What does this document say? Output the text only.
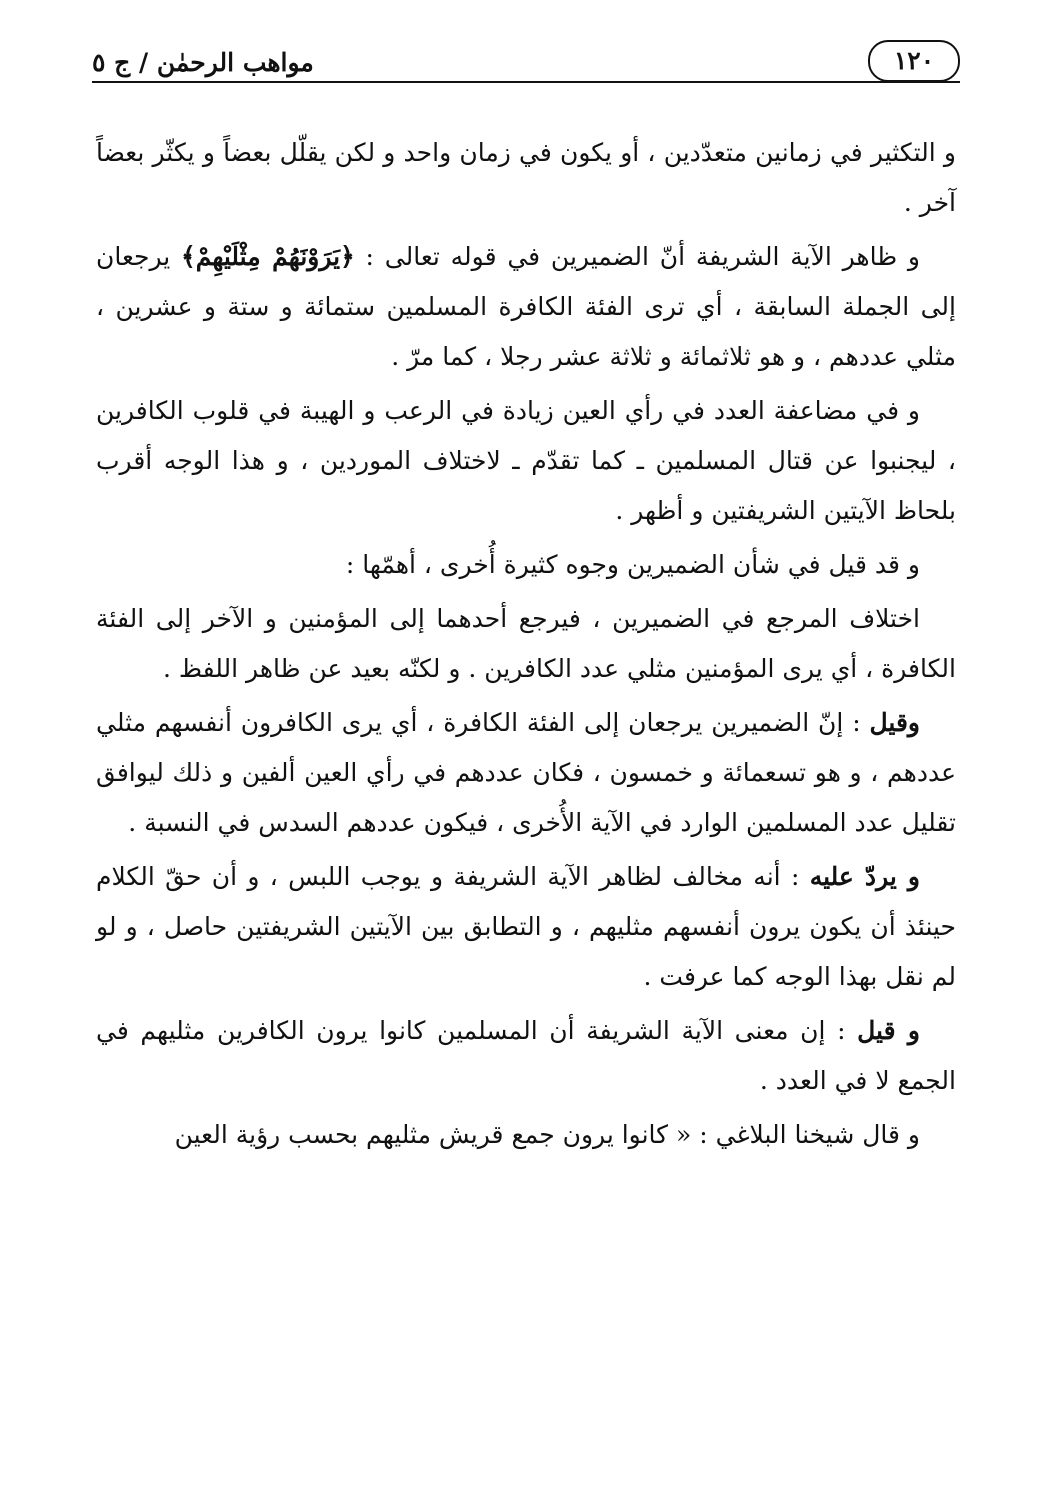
١٢٠
مواهب الرحمٰن / ج ٥

و التكثير في زمانين متعدّدين ، أو يكون في زمان واحد و لكن يقلّل بعضاً و يكثّر بعضاً آخر .

و ظاهر الآية الشريفة أنّ الضميرين في قوله تعالى : ﴿يَرَوْنَهُمْ مِثْلَيْهِمْ﴾ يرجعان إلى الجملة السابقة ، أي ترى الفئة الكافرة المسلمين ستمائة و ستة و عشرين ، مثلي عددهم ، و هو ثلاثمائة و ثلاثة عشر رجلا ، كما مرّ .

و في مضاعفة العدد في رأي العين زيادة في الرعب و الهيبة في قلوب الكافرين ، ليجنبوا عن قتال المسلمين ـ كما تقدّم ـ لاختلاف الموردين ، و هذا الوجه أقرب بلحاظ الآيتين الشريفتين و أظهر .

و قد قيل في شأن الضميرين وجوه كثيرة أُخرى ، أهمّها :

اختلاف المرجع في الضميرين ، فيرجع أحدهما إلى المؤمنين و الآخر إلى الفئة الكافرة ، أي يرى المؤمنين مثلي عدد الكافرين . و لكنّه بعيد عن ظاهر اللفظ .

وقيل : إنّ الضميرين يرجعان إلى الفئة الكافرة ، أي يرى الكافرون أنفسهم مثلي عددهم ، و هو تسعمائة و خمسون ، فكان عددهم في رأي العين ألفين و ذلك ليوافق تقليل عدد المسلمين الوارد في الآية الأُخرى ، فيكون عددهم السدس في النسبة .

و يردّ عليه : أنه مخالف لظاهر الآية الشريفة و يوجب اللبس ، و أن حقّ الكلام حينئذ أن يكون يرون أنفسهم مثليهم ، و التطابق بين الآيتين الشريفتين حاصل ، و لو لم نقل بهذا الوجه كما عرفت .

و قيل : إن معنى الآية الشريفة أن المسلمين كانوا يرون الكافرين مثليهم في الجمع لا في العدد .

و قال شيخنا البلاغي : « كانوا يرون جمع قريش مثليهم بحسب رؤية العين
